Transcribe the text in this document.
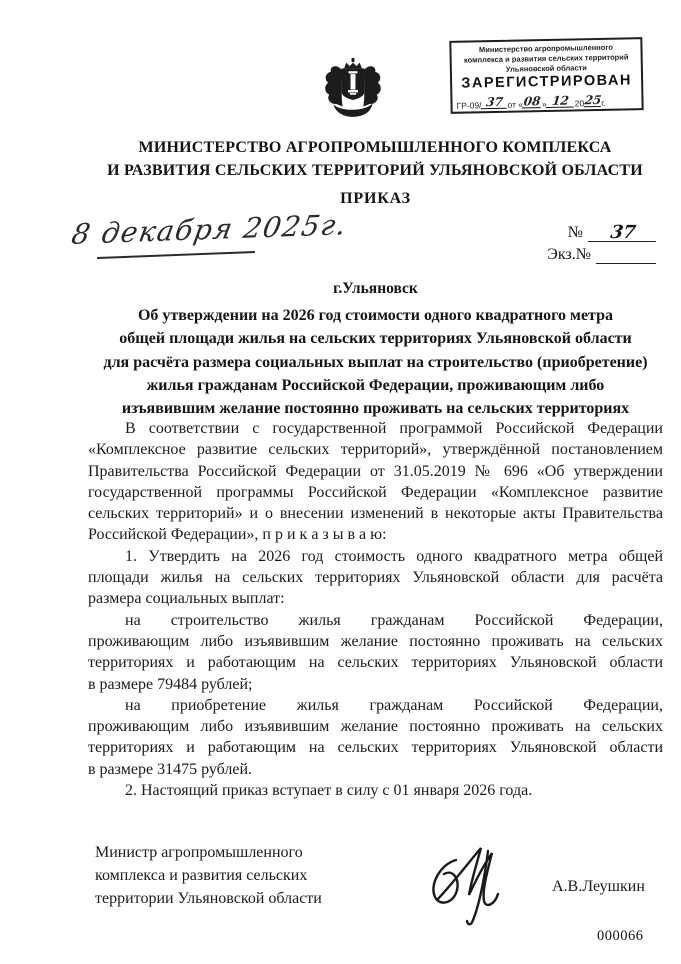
Министерство агропромышленного
комплекса и развития сельских территорий
Ульяновской области
ЗАРЕГИСТРИРОВАН
ГР-09/ 37 от « 08 » 12 20 25 г.
МИНИСТЕРСТВО АГРОПРОМЫШЛЕННОГО КОМПЛЕКСА
И РАЗВИТИЯ СЕЛЬСКИХ ТЕРРИТОРИЙ УЛЬЯНОВСКОЙ ОБЛАСТИ
ПРИКАЗ
8 декабря 2025г.	№	37
Экз.№
г.Ульяновск
Об утверждении на 2026 год стоимости одного квадратного метра
общей площади жилья на сельских территориях Ульяновской области
для расчёта размера социальных выплат на строительство (приобретение)
жилья гражданам Российской Федерации, проживающим либо
изъявившим желание постоянно проживать на сельских территориях
В соответствии с государственной программой Российской Федерации
«Комплексное развитие сельских территорий», утверждённой постановлением
Правительства Российской Федерации от 31.05.2019 № 696 «Об утверждении
государственной программы Российской Федерации «Комплексное развитие
сельских территорий» и о внесении изменений в некоторые акты Правительства
Российской Федерации», п р и к а з ы в а ю:
1. Утвердить на 2026 год стоимость одного квадратного метра общей
площади жилья на сельских территориях Ульяновской области для расчёта
размера социальных выплат:
на строительство жилья гражданам Российской Федерации,
проживающим либо изъявившим желание постоянно проживать на сельских
территориях и работающим на сельских территориях Ульяновской области
в размере 79484 рублей;
на приобретение жилья гражданам Российской Федерации,
проживающим либо изъявившим желание постоянно проживать на сельских
территориях и работающим на сельских территориях Ульяновской области
в размере 31475 рублей.
2. Настоящий приказ вступает в силу с 01 января 2026 года.
Министр агропромышленного
комплекса и развития сельских
территории Ульяновской области
А.В.Леушкин
000066
